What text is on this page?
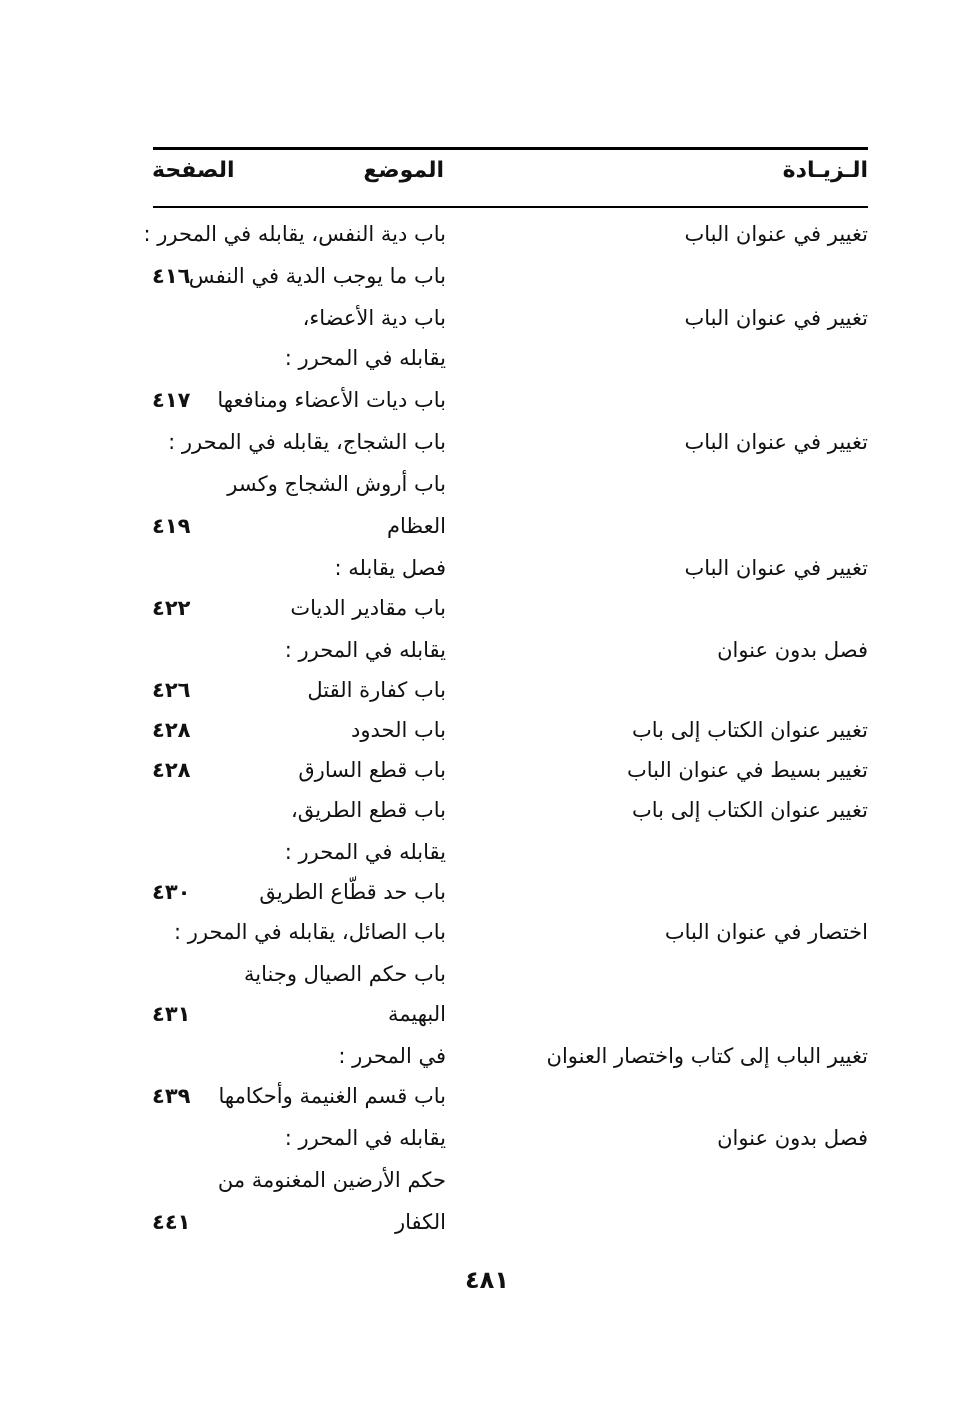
الـزيـادة
الموضع
الصفحة
تغيير في عنوان الباب
باب دية النفس، يقابله في المحرر :
باب ما يوجب الدية في النفس
٤١٦
تغيير في عنوان الباب
باب دية الأعضاء،
يقابله في المحرر :
باب ديات الأعضاء ومنافعها
٤١٧
تغيير في عنوان الباب
باب الشجاج، يقابله في المحرر :
باب أروش الشجاج وكسر
العظام
٤١٩
تغيير في عنوان الباب
فصل يقابله :
باب مقادير الديات
٤٢٢
فصل بدون عنوان
يقابله في المحرر :
باب كفارة القتل
٤٢٦
تغيير عنوان الكتاب إلى باب
باب الحدود
٤٢٨
تغيير بسيط في عنوان الباب
باب قطع السارق
٤٢٨
تغيير عنوان الكتاب إلى باب
باب قطع الطريق،
يقابله في المحرر :
باب حد قطّاع الطريق
٤٣٠
اختصار في عنوان الباب
باب الصائل، يقابله في المحرر :
باب حكم الصيال وجناية
البهيمة
٤٣١
تغيير الباب إلى كتاب واختصار العنوان
في المحرر :
باب قسم الغنيمة وأحكامها
٤٣٩
فصل بدون عنوان
يقابله في المحرر :
حكم الأرضين المغنومة من
الكفار
٤٤١
٤٨١
